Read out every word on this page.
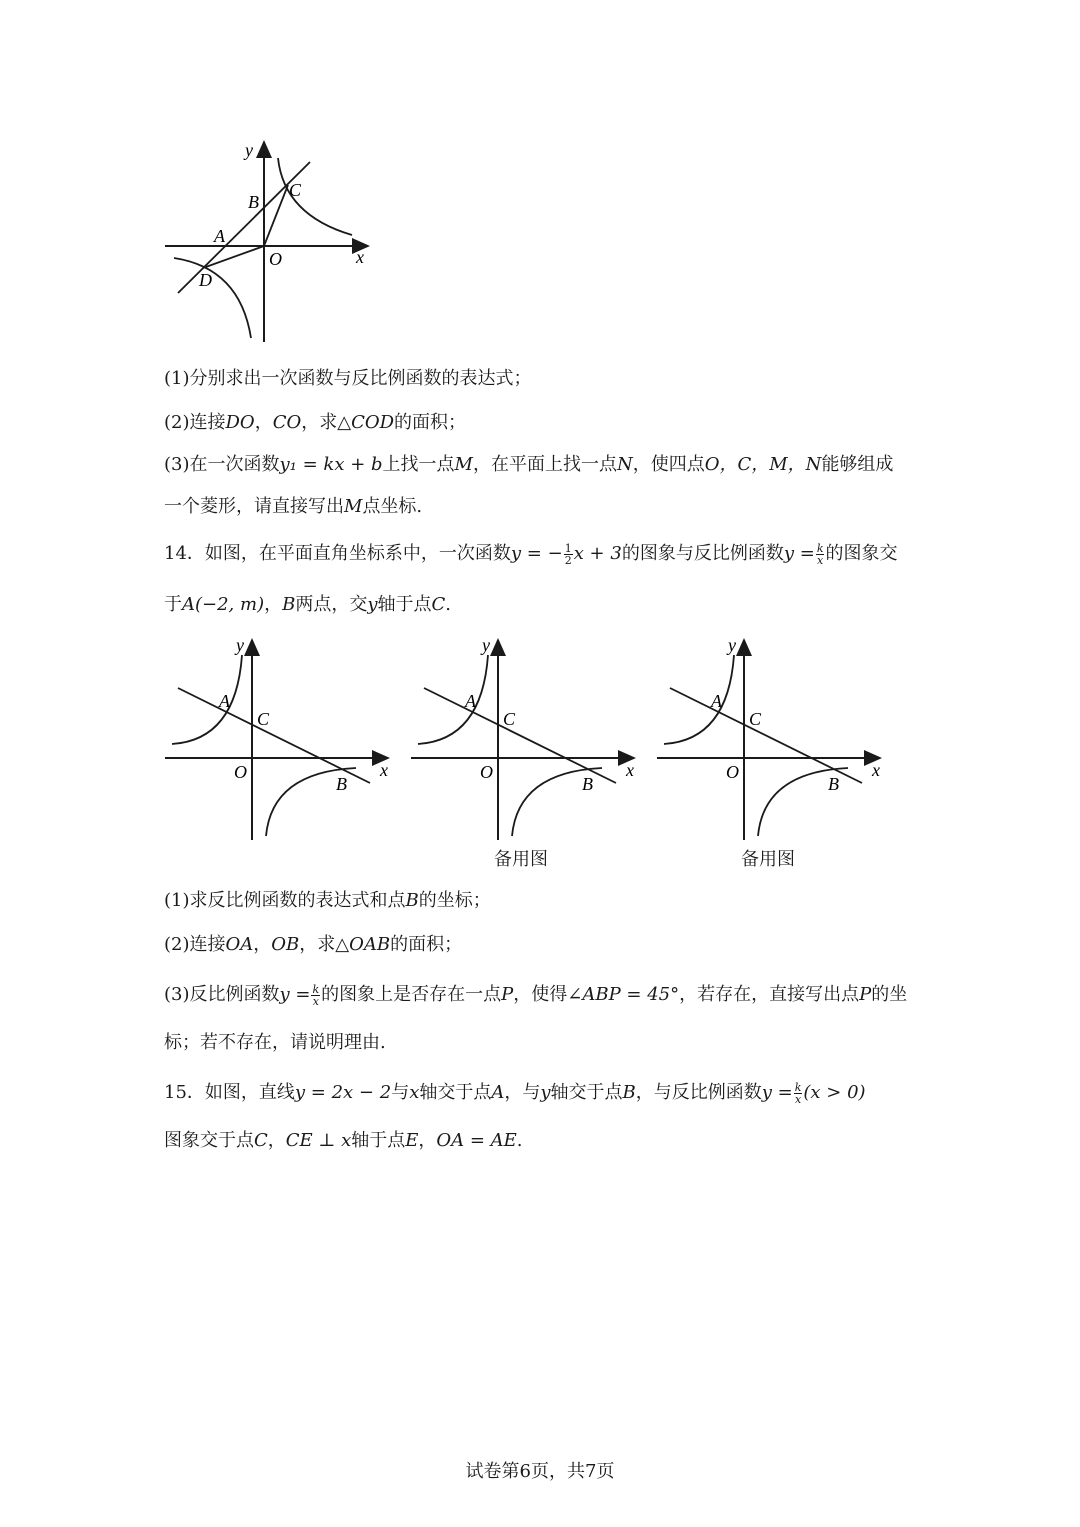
y
x
B
C
A
O
D
(1)分别求出一次函数与反比例函数的表达式；
(2)连接DO，CO，求△COD的面积；
(3)在一次函数y₁ = kx + b上找一点M，在平面上找一点N，使四点O，C，M，N能够组成
一个菱形，请直接写出M点坐标.
14．如图，在平面直角坐标系中，一次函数y = − $\frac{1}{2}$ x + 3的图象与反比例函数$y = \frac{k}{x}$ 的图象交
于A(−2, m)，B两点，交y轴于点C.
y
A
C
O
B
x
y
A
C
O
B
x
y
A
C
O
B
x
备用图	备用图
(1)求反比例函数的表达式和点B的坐标；
(2)连接OA，OB，求△OAB的面积；
(3)反比例函数$y = \frac{k}{x}$ 的图象上是否存在一点P，使得∠ABP = 45°，若存在，直接写出点P的坐
标；若不存在，请说明理由.
15．如图，直线y = 2x − 2与x轴交于点A，与y轴交于点B，与反比例函数$y = \frac{k}{x} (x > 0)$
图象交于点C，CE ⊥ x轴于点E，OA = AE.
试卷第6页，共7页
